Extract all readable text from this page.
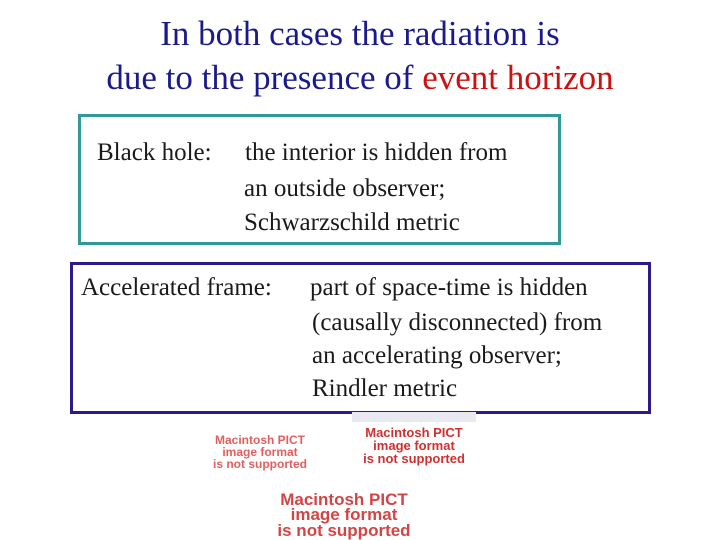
In both cases the radiation is
due to the presence of event horizon
Black hole: the interior is hidden from
an outside observer;
Schwarzschild metric
Accelerated frame: part of space-time is hidden
(causally disconnected) from
an accelerating observer;
Rindler metric
Macintosh PICT
image format
is not supported
Macintosh PICT
image format
is not supported
Macintosh PICT
image format
is not supported
